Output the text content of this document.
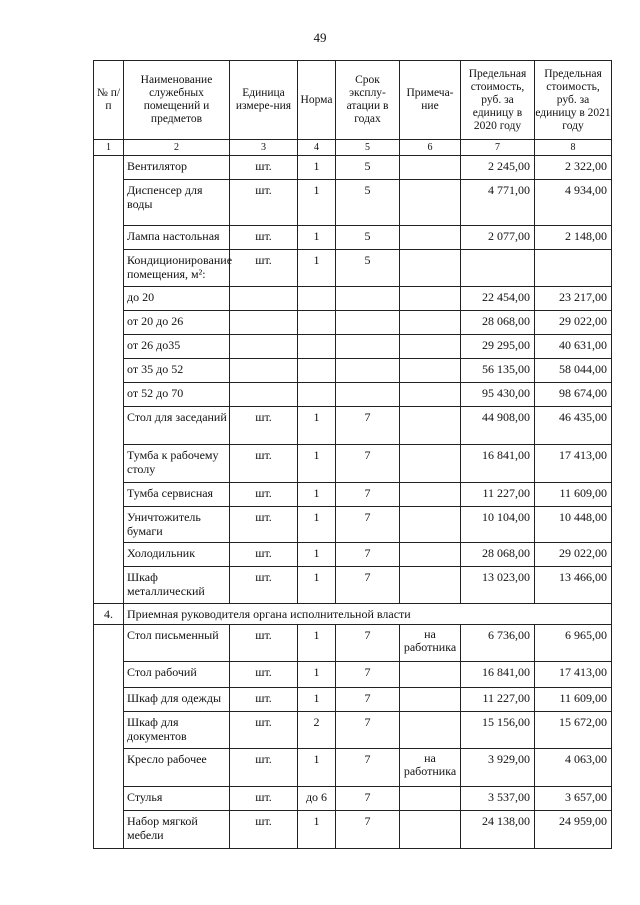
49
№ п/п	Наименование служебных помещений и предметов	Единица измере-ния	Норма	Срок эксплу-атации в годах	Примеча-ние	Предельная стоимость, руб. за единицу в 2020 году	Предельная стоимость, руб. за единицу в 2021 году
1	2	3	4	5	6	7	8
	Вентилятор	шт.	1	5		2 245,00	2 322,00
	Диспенсер для воды	шт.	1	5		4 771,00	4 934,00
	Лампа настольная	шт.	1	5		2 077,00	2 148,00
	Кондиционирование помещения, м²:	шт.	1	5			
	до 20					22 454,00	23 217,00
	от 20 до 26					28 068,00	29 022,00
	от 26 до35					29 295,00	40 631,00
	от 35 до 52					56 135,00	58 044,00
	от 52 до 70					95 430,00	98 674,00
	Стол для заседаний	шт.	1	7		44 908,00	46 435,00
	Тумба к рабочему столу	шт.	1	7		16 841,00	17 413,00
	Тумба сервисная	шт.	1	7		11 227,00	11 609,00
	Уничтожитель бумаги	шт.	1	7		10 104,00	10 448,00
	Холодильник	шт.	1	7		28 068,00	29 022,00
	Шкаф металлический	шт.	1	7		13 023,00	13 466,00
4.	Приемная руководителя органа исполнительной власти						
	Стол письменный	шт.	1	7	на работника	6 736,00	6 965,00
	Стол рабочий	шт.	1	7		16 841,00	17 413,00
	Шкаф для одежды	шт.	1	7		11 227,00	11 609,00
	Шкаф для документов	шт.	2	7		15 156,00	15 672,00
	Кресло рабочее	шт.	1	7	на работника	3 929,00	4 063,00
	Стулья	шт.	до 6	7		3 537,00	3 657,00
	Набор мягкой мебели	шт.	1	7		24 138,00	24 959,00
